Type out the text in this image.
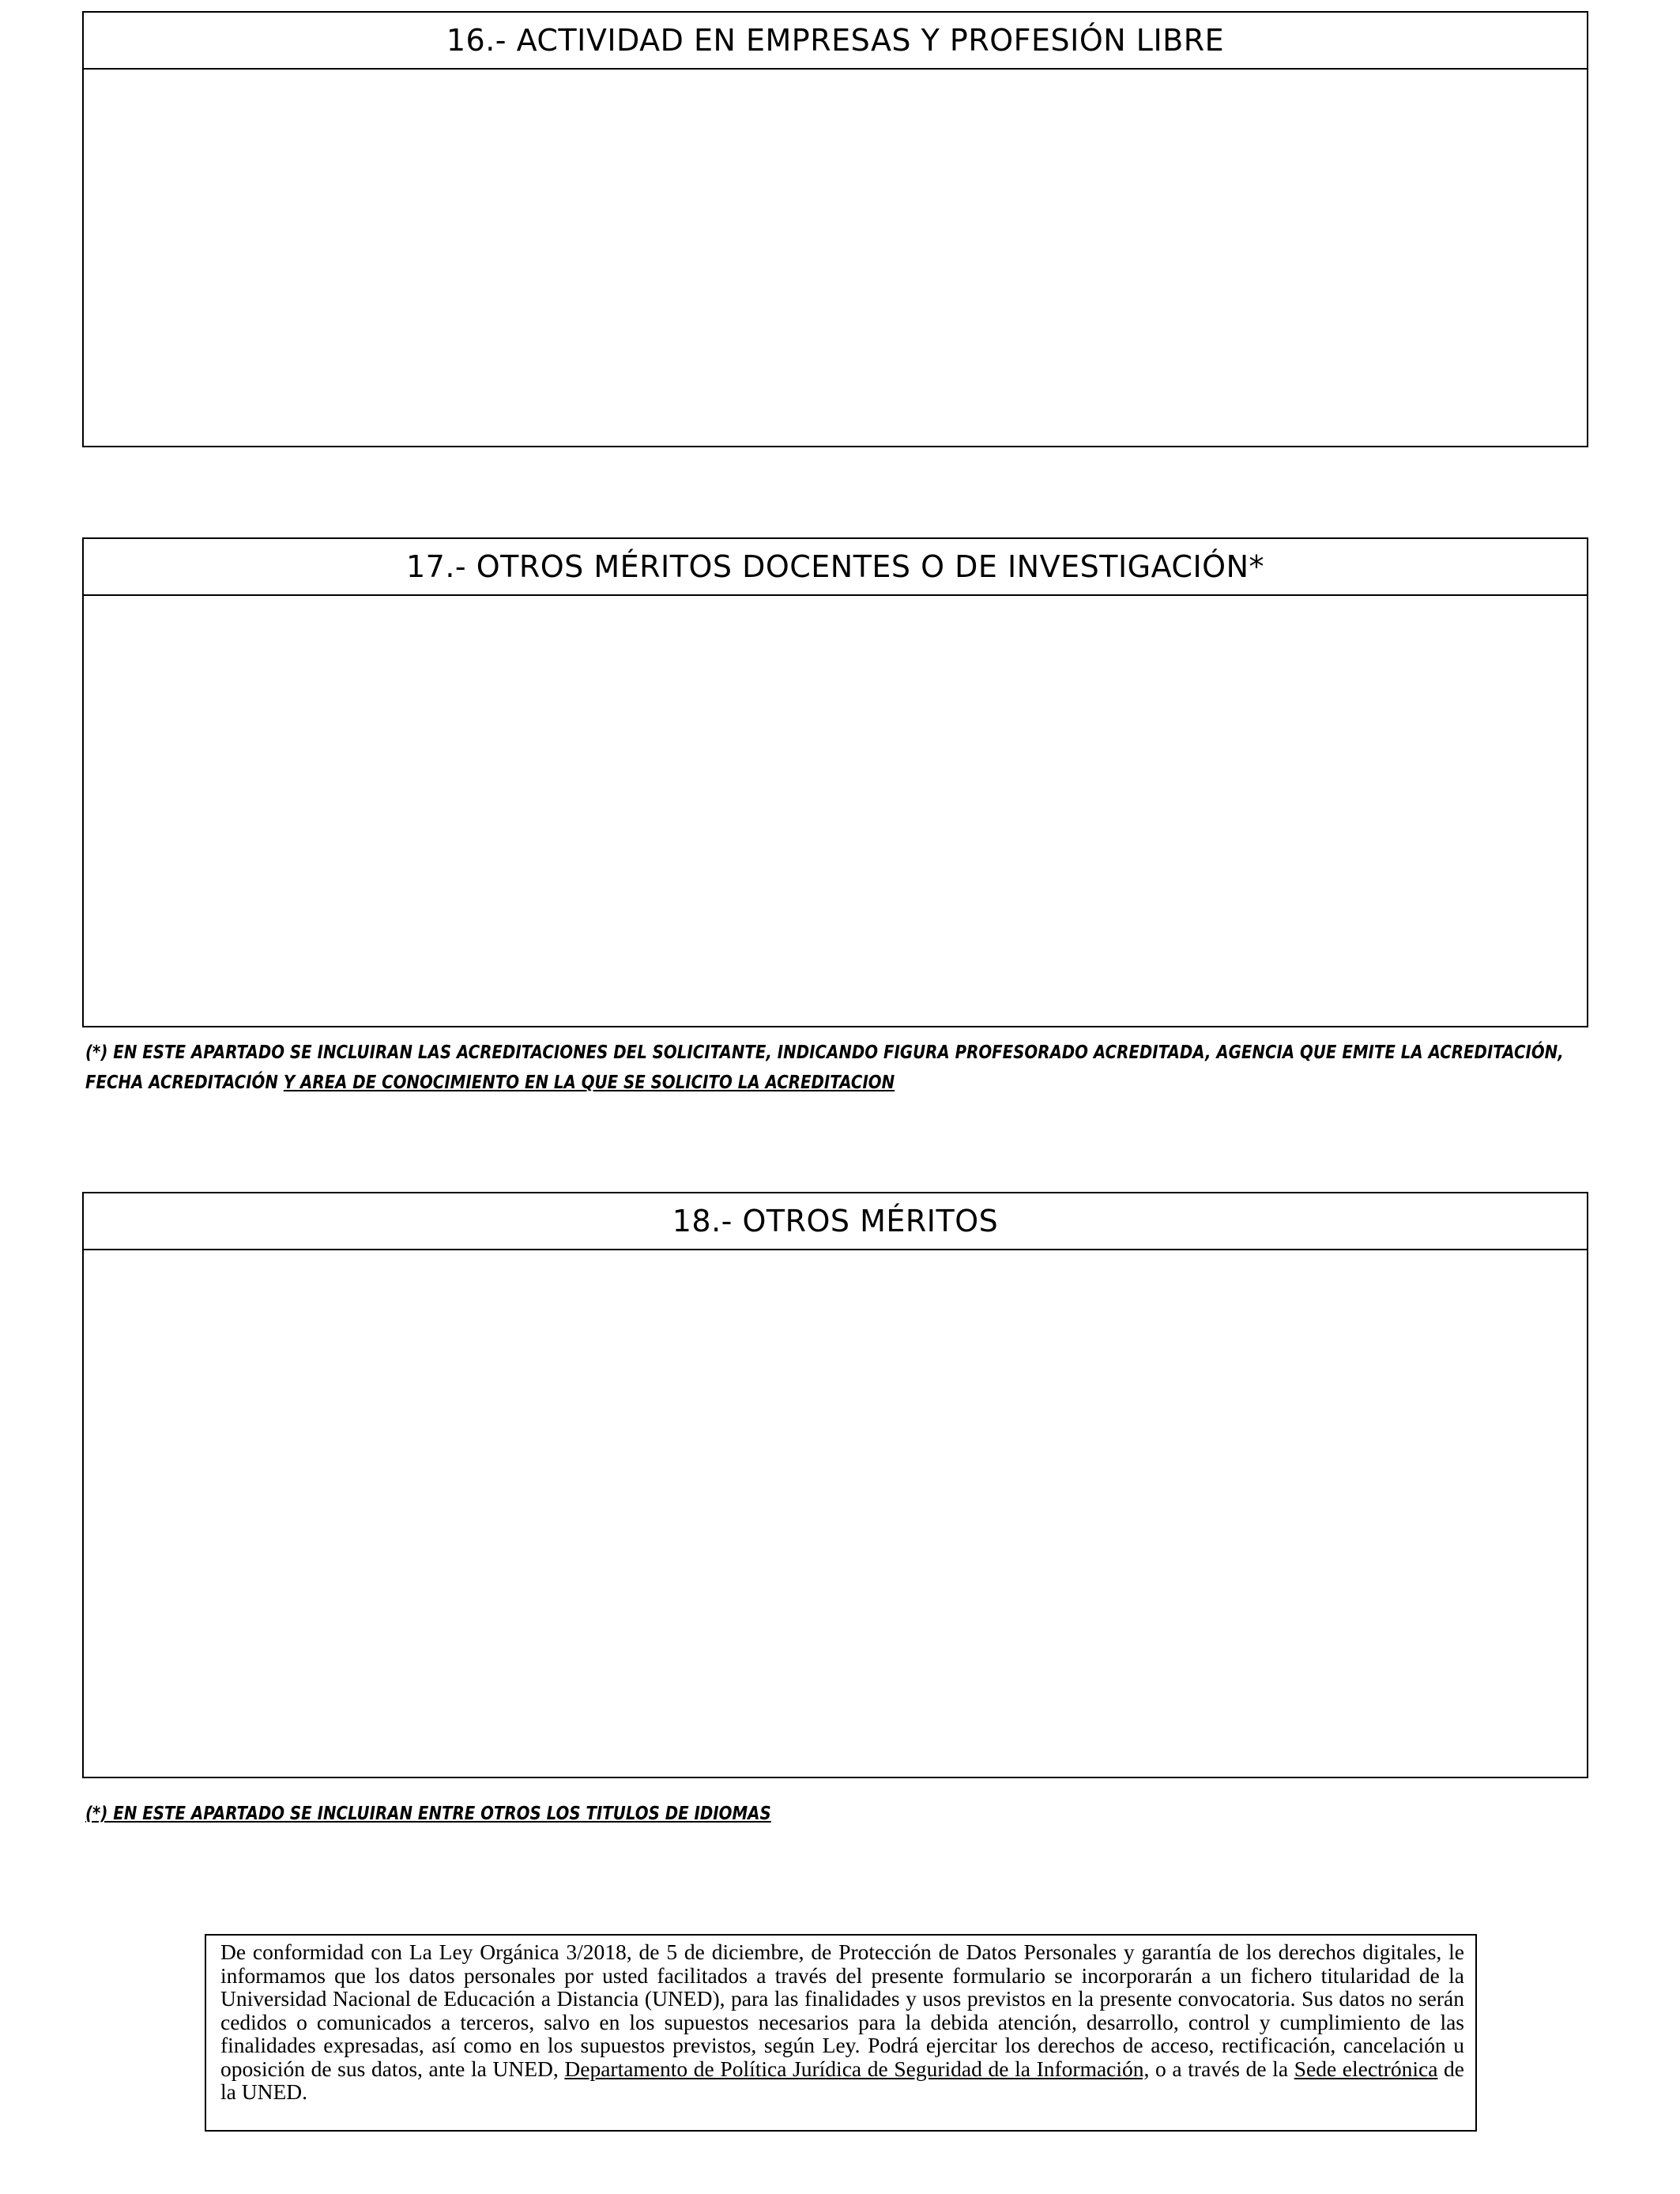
16.- ACTIVIDAD EN EMPRESAS Y PROFESIÓN LIBRE
17.- OTROS MÉRITOS DOCENTES O DE INVESTIGACIÓN*
(*) EN ESTE APARTADO SE INCLUIRAN LAS ACREDITACIONES DEL SOLICITANTE, INDICANDO FIGURA PROFESORADO ACREDITADA, AGENCIA QUE EMITE LA ACREDITACIÓN,
FECHA ACREDITACIÓN Y AREA DE CONOCIMIENTO EN LA QUE SE SOLICITO LA ACREDITACION
18.- OTROS MÉRITOS
(*) EN ESTE APARTADO SE INCLUIRAN ENTRE OTROS LOS TITULOS DE IDIOMAS
De conformidad con La Ley Orgánica 3/2018, de 5 de diciembre, de Protección de Datos Personales y garantía de los derechos digitales, le informamos que los datos personales por usted facilitados a través del presente formulario se incorporarán a un fichero titularidad de la Universidad Nacional de Educación a Distancia (UNED), para las finalidades y usos previstos en la presente convocatoria. Sus datos no serán cedidos o comunicados a terceros, salvo en los supuestos necesarios para la debida atención, desarrollo, control y cumplimiento de las finalidades expresadas, así como en los supuestos previstos, según Ley. Podrá ejercitar los derechos de acceso, rectificación, cancelación u oposición de sus datos, ante la UNED, Departamento de Política Jurídica de Seguridad de la Información, o a través de la Sede electrónica de la UNED.
